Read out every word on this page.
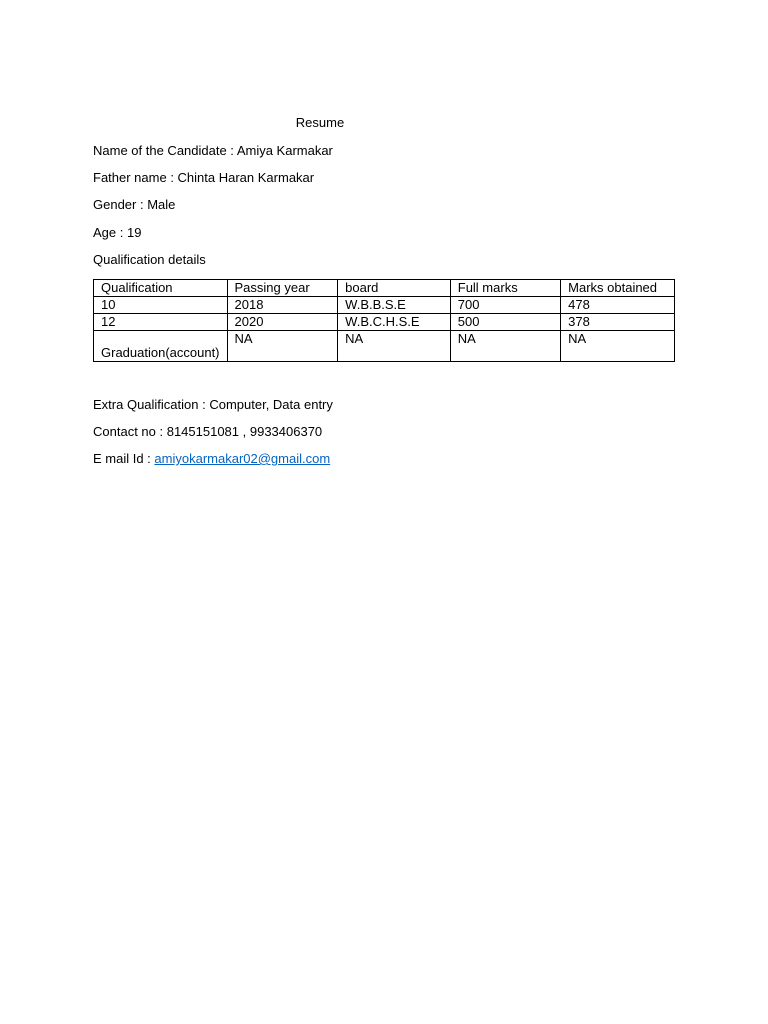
Resume
Name of the Candidate : Amiya Karmakar
Father name : Chinta Haran Karmakar
Gender : Male
Age : 19
Qualification details
Qualification	Passing year	board	Full marks	Marks obtained
10	2018	W.B.B.S.E	700	478
12	2020	W.B.C.H.S.E	500	378
Graduation(account)	NA	NA	NA	NA
Extra Qualification : Computer, Data entry
Contact no : 8145151081 , 9933406370
E mail Id : amiyokarmakar02@gmail.com
